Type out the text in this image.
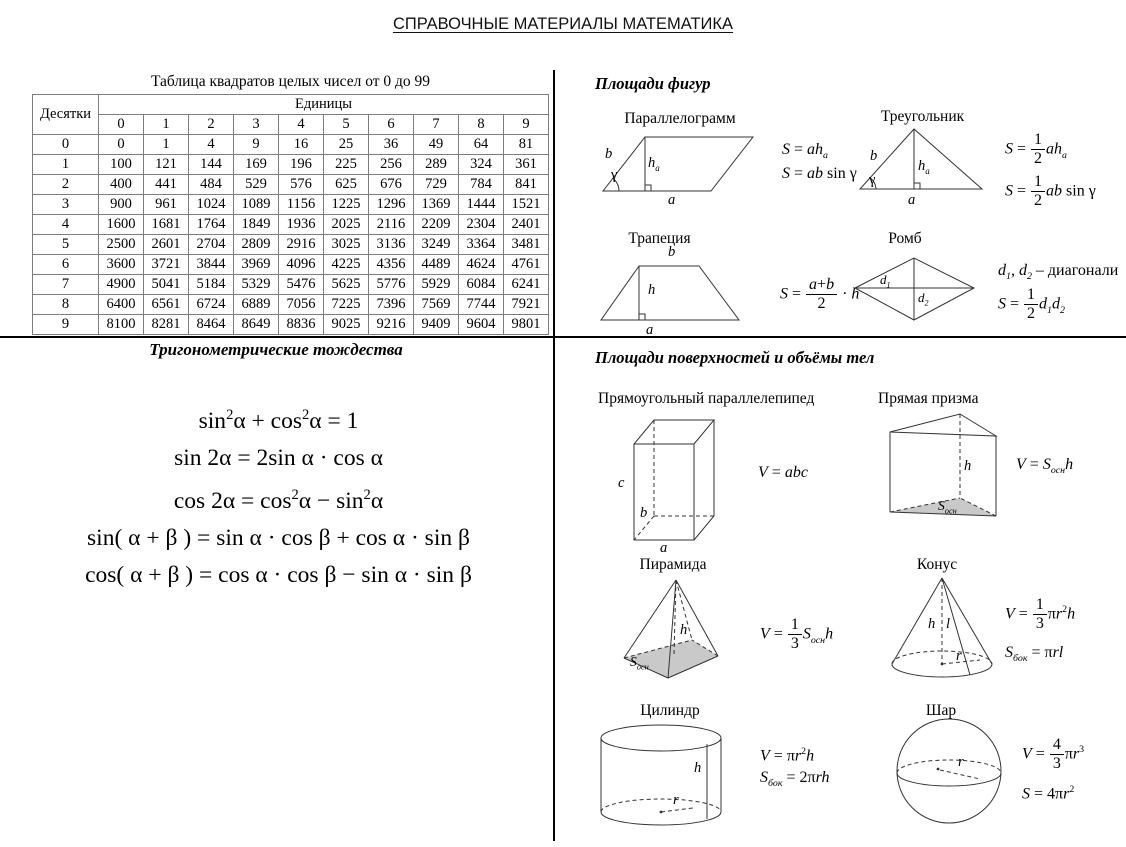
СПРАВОЧНЫЕ МАТЕРИАЛЫ МАТЕМАТИКА
Таблица квадратов целых чисел от 0 до 99
Десятки	Единицы									
	0	1	2	3	4	5	6	7	8	9
0	0	1	4	9	16	25	36	49	64	81
1	100	121	144	169	196	225	256	289	324	361
2	400	441	484	529	576	625	676	729	784	841
3	900	961	1024	1089	1156	1225	1296	1369	1444	1521
4	1600	1681	1764	1849	1936	2025	2116	2209	2304	2401
5	2500	2601	2704	2809	2916	3025	3136	3249	3364	3481
6	3600	3721	3844	3969	4096	4225	4356	4489	4624	4761
7	4900	5041	5184	5329	5476	5625	5776	5929	6084	6241
8	6400	6561	6724	6889	7056	7225	7396	7569	7744	7921
9	8100	8281	8464	8649	8836	9025	9216	9409	9604	9801
Площади фигур
Параллелограмм
b
$h_a$
γ
a
$S = ah_a$
S = ab sin γ
Треугольник
b
$h_a$
γ
a
$S = \frac{1}{2} ah_a$
$S = \frac{1}{2}$ ab sin γ
Трапеция
b
h
a
$S = \frac{a+b}{2} \cdot h$
Ромб
$d_1$
$d_2$
$d_1$, $d_2$ – диагонали
$S = \frac{1}{2} d_1d_2$
Тригонометрические тождества
$\sin^2\alpha + \cos^2\alpha = 1$
sin 2α = 2sin α · cos α
$\cos 2\alpha = \cos^2\alpha - \sin^2\alpha$
sin( α + β ) = sin α · cos β + cos α · sin β
cos( α + β ) = cos α · cos β − sin α · sin β
Площади поверхностей и объёмы тел
Прямоугольный параллелепипед
c
b
a
V = abc
Прямая призма
h
$S_{осн}$
$V = S_{осн}h$
Пирамида
h
$S_{осн}$
$V = \frac{1}{3} S_{осн}h$
Конус
h l
r
$V = \frac{1}{3} \pi r^2h$
$S_{бок} = \pi rl$
Цилиндр
h
r
$V = \pi r^2h$
$S_{бок} = 2\pi rh$
Шар
r	$V = \frac{4}{3} \pi r^3$
$S = 4\pi r^2$
